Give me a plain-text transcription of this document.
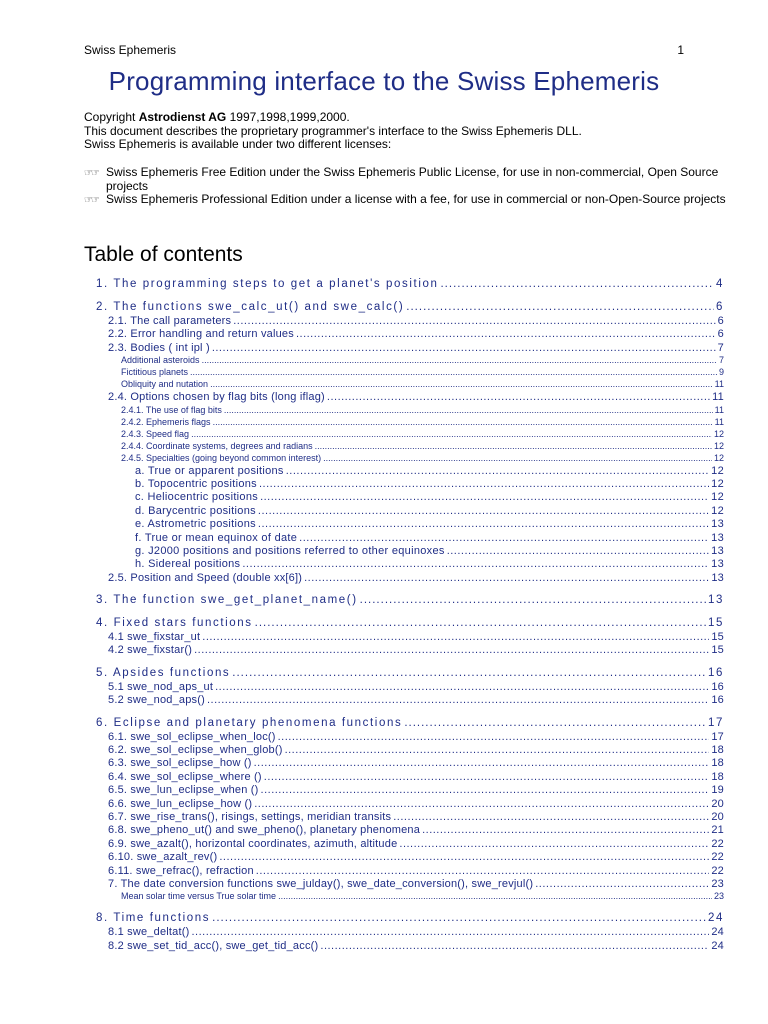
Swiss Ephemeris	1
Programming interface to the Swiss Ephemeris

Copyright Astrodienst AG 1997,1998,1999,2000.

This document describes the proprietary programmer's interface to the Swiss Ephemeris DLL.

Swiss Ephemeris is available under two different licenses:

☞☞ Swiss Ephemeris Free Edition under the Swiss Ephemeris Public License, for use in non-commercial, Open Source projects
☞☞ Swiss Ephemeris Professional Edition under a license with a fee, for use in commercial or non-Open-Source projects
Table of contents
1. The programming steps to get a planet's position .....	4
2. The functions swe_calc_ut() and swe_calc() .....	6
2.1. The call parameters .....	6
2.2. Error handling and return values .....	6
2.3. Bodies ( int ipl ) .....	7
Additional asteroids .....	7
Fictitious planets .....	9
Obliquity and nutation .....	11
2.4. Options chosen by flag bits (long iflag) .....	11
2.4.1. The use of flag bits .....	11
2.4.2. Ephemeris flags .....	11
2.4.3. Speed flag .....	12
2.4.4. Coordinate systems, degrees and radians .....	12
2.4.5. Specialties (going beyond common interest) .....	12
a. True or apparent positions .....	12
b. Topocentric positions .....	12
c. Heliocentric positions .....	12
d. Barycentric positions .....	12
e. Astrometric positions .....	13
f. True or mean equinox of date .....	13
g. J2000 positions and positions referred to other equinoxes .....	13
h. Sidereal positions .....	13
2.5. Position and Speed (double xx[6]) .....	13
3. The function swe_get_planet_name() .....	13
4. Fixed stars functions .....	15
4.1 swe_fixstar_ut .....	15
4.2 swe_fixstar() .....	15
5. Apsides functions .....	16
5.1 swe_nod_aps_ut .....	16
5.2 swe_nod_aps() .....	16
6. Eclipse and planetary phenomena functions .....	17
6.1. swe_sol_eclipse_when_loc() .....	17
6.2. swe_sol_eclipse_when_glob() .....	18
6.3. swe_sol_eclipse_how () .....	18
6.4. swe_sol_eclipse_where () .....	18
6.5. swe_lun_eclipse_when () .....	19
6.6. swe_lun_eclipse_how () .....	20
6.7. swe_rise_trans(), risings, settings, meridian transits .....	20
6.8. swe_pheno_ut() and swe_pheno(), planetary phenomena .....	21
6.9. swe_azalt(), horizontal coordinates, azimuth, altitude .....	22
6.10. swe_azalt_rev() .....	22
6.11. swe_refrac(), refraction .....	22
7. The date conversion functions swe_julday(), swe_date_conversion(), swe_revjul() .....	23
Mean solar time versus True solar time .....	23
8. Time functions .....	24
8.1 swe_deltat() .....	24
8.2 swe_set_tid_acc(), swe_get_tid_acc() .....	24
